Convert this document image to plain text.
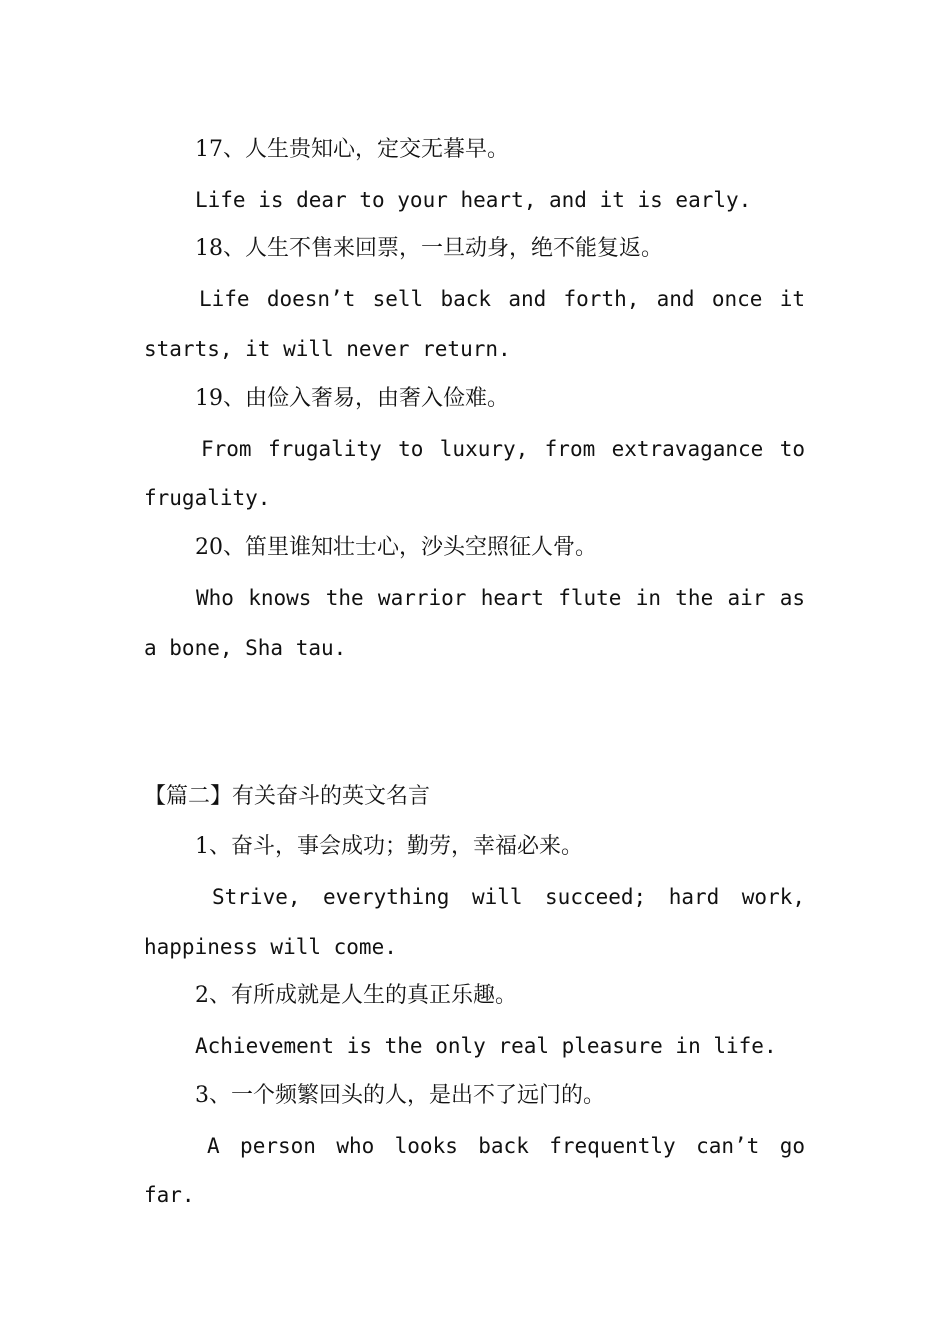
17、人生贵知心，定交无暮早。
Life is dear to your heart, and it is early.
18、人生不售来回票，一旦动身，绝不能复返。
Life doesn’t sell back and forth, and once it
starts, it will never return.
19、由俭入奢易，由奢入俭难。
From frugality to luxury, from extravagance to
frugality.
20、笛里谁知壮士心，沙头空照征人骨。
Who knows the warrior heart flute in the air as
a bone, Sha tau.
【篇二】有关奋斗的英文名言
1、奋斗，事会成功；勤劳，幸福必来。
Strive, everything will succeed; hard work,
happiness will come.
2、有所成就是人生的真正乐趣。
Achievement is the only real pleasure in life.
3、一个频繁回头的人，是出不了远门的。
A person who looks back frequently can’t go
far.
